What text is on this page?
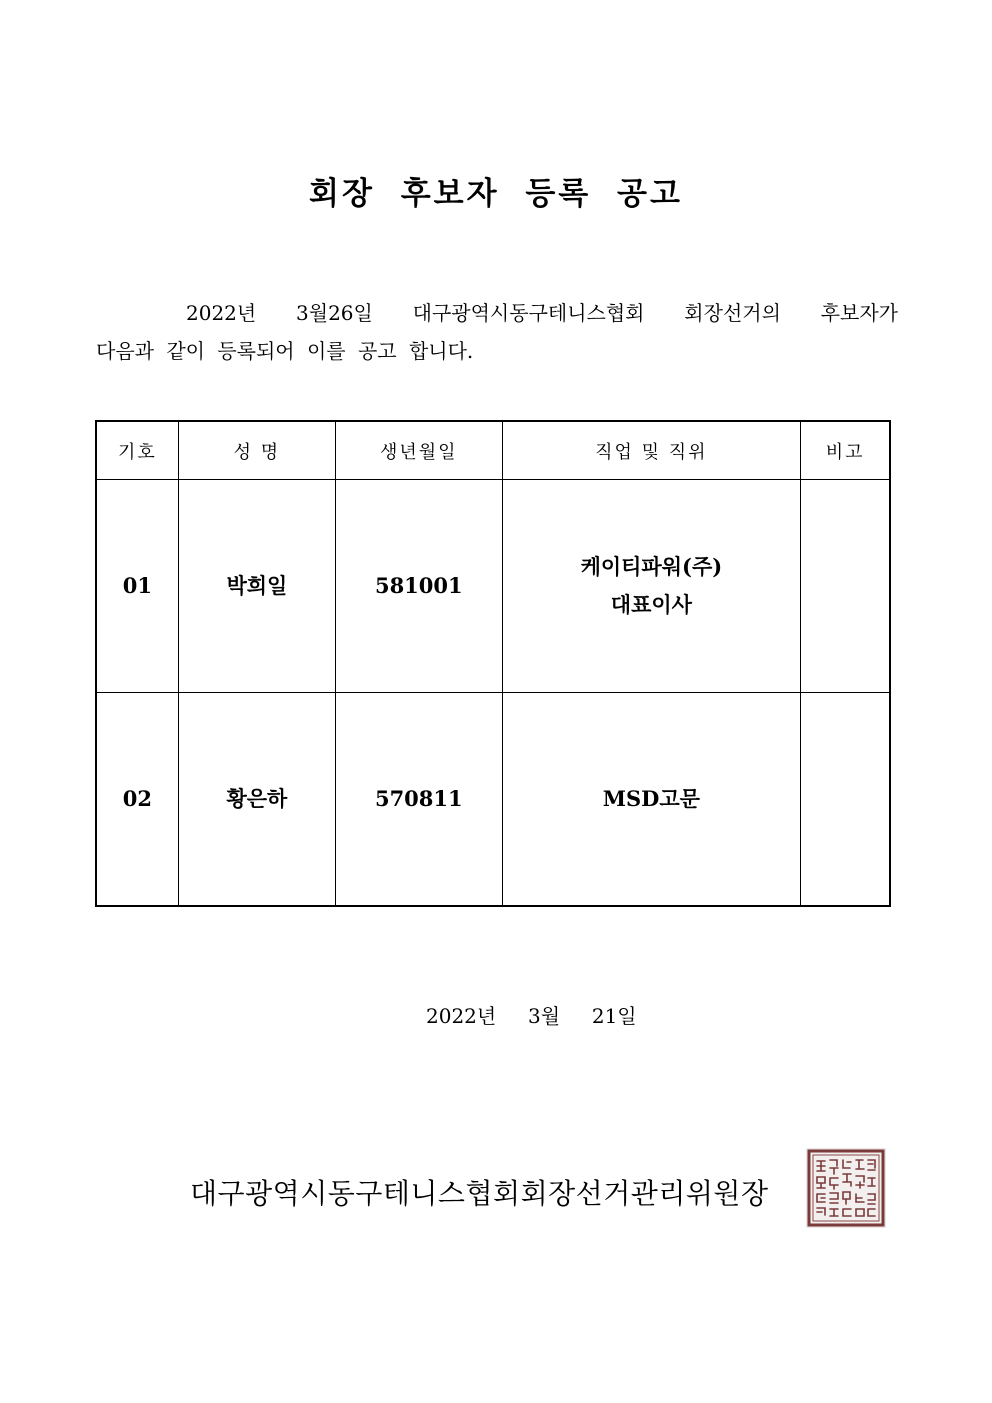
회장 후보자 등록 공고
2022년 3월26일 대구광역시동구테니스협회 회장선거의 후보자가
다음과 같이 등록되어 이를 공고 합니다.
기호	성 명	생년월일	직업 및 직위	비고
01	박희일	581001	케이티파워(주)
대표이사	

02	황은하	570811	MSD고문	

2022년 3월 21일
대구광역시동구테니스협회회장선거관리위원장
